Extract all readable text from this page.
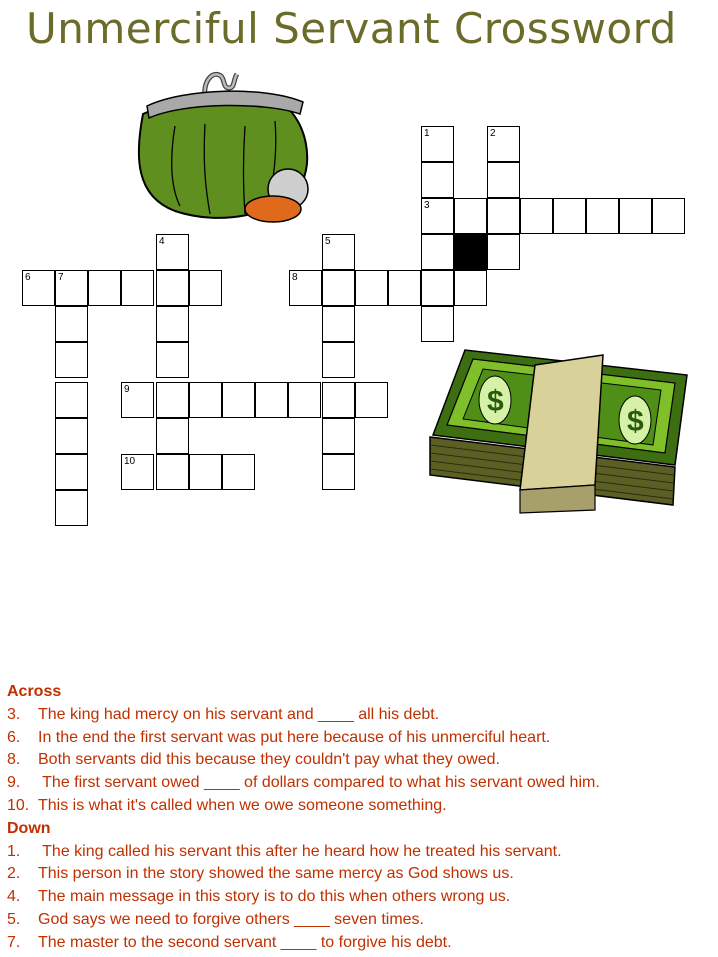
Unmerciful Servant Crossword
$
$
1
3
2
8
5
4
6	7
9
10
Across
3. The king had mercy on his servant and ____ all his debt.
6. In the end the first servant was put here because of his unmerciful heart.
8. Both servants did this because they couldn't pay what they owed.
9. The first servant owed ____ of dollars compared to what his servant owed him.
10. This is what it's called when we owe someone something.
Down
1. The king called his servant this after he heard how he treated his servant.
2. This person in the story showed the same mercy as God shows us.
4. The main message in this story is to do this when others wrong us.
5. God says we need to forgive others ____ seven times.
7. The master to the second servant ____ to forgive his debt.
